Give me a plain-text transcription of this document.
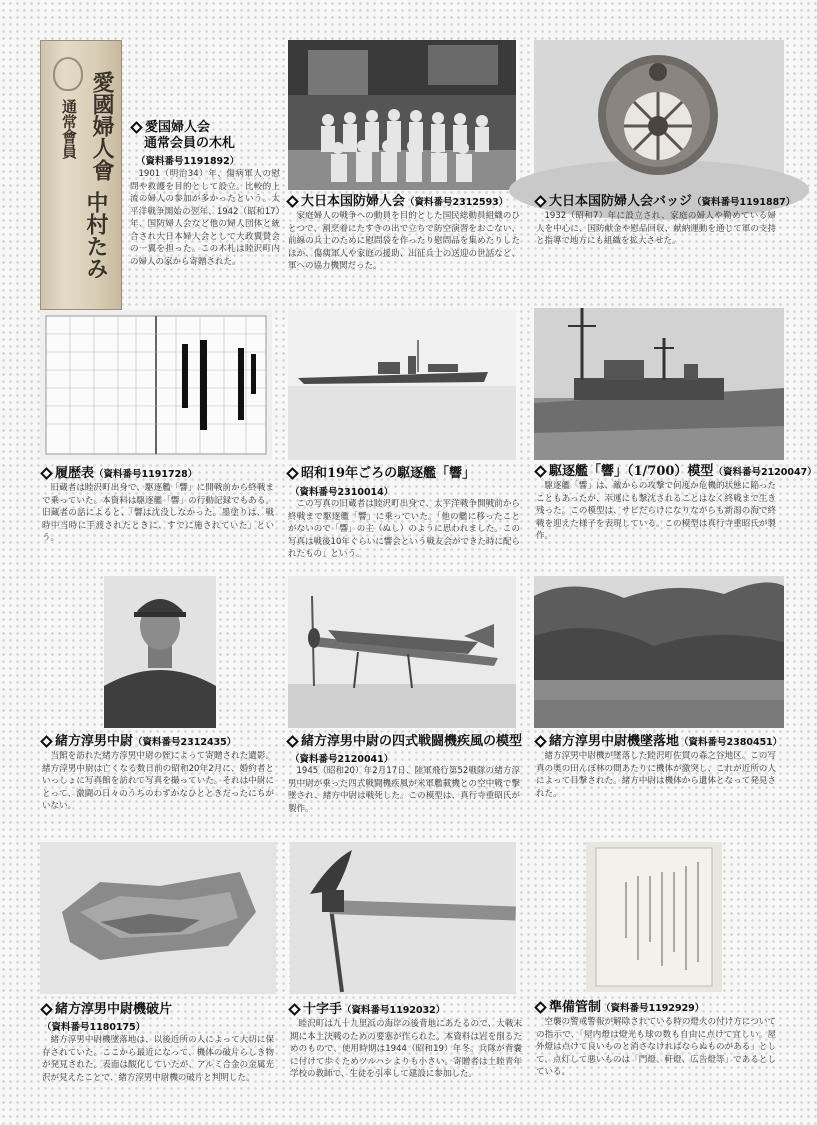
愛國婦人會
通常會員
中村たみ
愛国婦人会
通常会員の木札
（資料番号1191892）

1901（明治34）年、傷病軍人の慰問や救護を目的として設立。比較的上流の婦人の参加が多かったという。太平洋戦争開始の翌年、1942（昭和17）年、国防婦人会など他の婦人団体と統合され大日本婦人会として大政翼賛会の一翼を担った。この木札は睦沢町内の婦人の家から寄贈された。

大日本国防婦人会（資料番号2312593）

家庭婦人の戦争への動員を目的とした国民総動員組織のひとつで、割烹着にたすきの出で立ちで防空演習をおこない、前線の兵士のために慰問袋を作ったり慰問品を集めたりしたほか、傷痍軍人や家庭の援助、出征兵士の送迎の世話など、軍への協力機関だった。

大日本国防婦人会バッジ（資料番号1191887）

1932（昭和7）年に設立され、家庭の婦人や勤めている婦人を中心に、国防献金や慰品回収、献納運動を通じて軍の支持と指導で地方にも組織を拡大させた。

履歴表（資料番号1191728）

旧蔵者は睦沢町出身で、駆逐艦「響」に開戦前から終戦まで乗っていた。本資料は駆逐艦「響」の行動記録でもある。旧蔵者の話によると、「響は沈没しなかった。墨塗りは、戦時中当時に手渡されたときに、すでに施されていた」という。

昭和19年ごろの駆逐艦「響」
（資料番号2310014）

この写真の旧蔵者は睦沢町出身で、太平洋戦争開戦前から終戦まで駆逐艦「響」に乗っていた。「他の艦に移ったことがないので「響」の主（ぬし）のように思われました。この写真は戦後10年ぐらいに響会という戦友会ができた時に配られたもの」という。

駆逐艦「響」（1/700）模型（資料番号2120047）

駆逐艦「響」は、敵からの攻撃で何度か危機的状態に陥ったこともあったが、幸運にも撃沈されることはなく終戦まで生き残った。この模型は、サビだらけになりながらも新潟の海で終戦を迎えた様子を表現している。この模型は真行寺重昭氏が製作。

緒方淳男中尉（資料番号2312435）

当館を訪れた緒方淳男中尉の姪によって寄贈された遺影。緒方淳男中尉は亡くなる数日前の昭和20年2月に、婚約者といっしょに写真館を訪れて写真を撮っていた。それは中尉にとって、激闘の日々のうちのわずかなひとときだったにちがいない。

緒方淳男中尉の四式戦闘機疾風の模型
（資料番号2120041）

1945（昭和20）年2月17日、陸軍飛行第52戦隊の緒方淳男中尉が乗った四式戦闘機疾風が米軍艦載機との空中戦で撃墜され、緒方中尉は戦死した。この模型は、真行寺重昭氏が製作。

緒方淳男中尉機墜落地（資料番号2380451）

緒方淳男中尉機が墜落した睦沢町佐貫の森之谷地区。この写真の奥の田んぼ林の間あたりに機体が激突し、これが近所の人によって目撃された。緒方中尉は機体から遺体となって発見された。

緒方淳男中尉機破片
（資料番号1180175）

緒方淳男中尉機墜落地は、以後近所の人によって大切に保存されていた。ここから最近になって、機体の破片らしき物が発見された。表面は酸化していたが、アルミ合金の金属光沢が見えたことで、緒方淳男中尉機の破片と判明した。

十字手（資料番号1192032）

睦沢町は九十九里浜の海岸の後背地にあたるので、大戦末期に本土決戦のための要塞が作られた。本資料は岩を削るためのもので、使用時期は1944（昭和19）年冬。兵隊が背嚢に付けて歩くためツルハシよりも小さい。寄贈者は土睦青年学校の教師で、生徒を引率して建設に参加した。

準備管制（資料番号1192929）

空襲の警戒警報が解除されている時の燈火の付け方についての指示で、「屋内燈は燈光も球の数も自由に点けて宜しい。屋外燈は点けて良いものと消さなければならぬものがある」として、点灯して悪いものは「門燈、軒燈、広告燈等」であるとしている。
